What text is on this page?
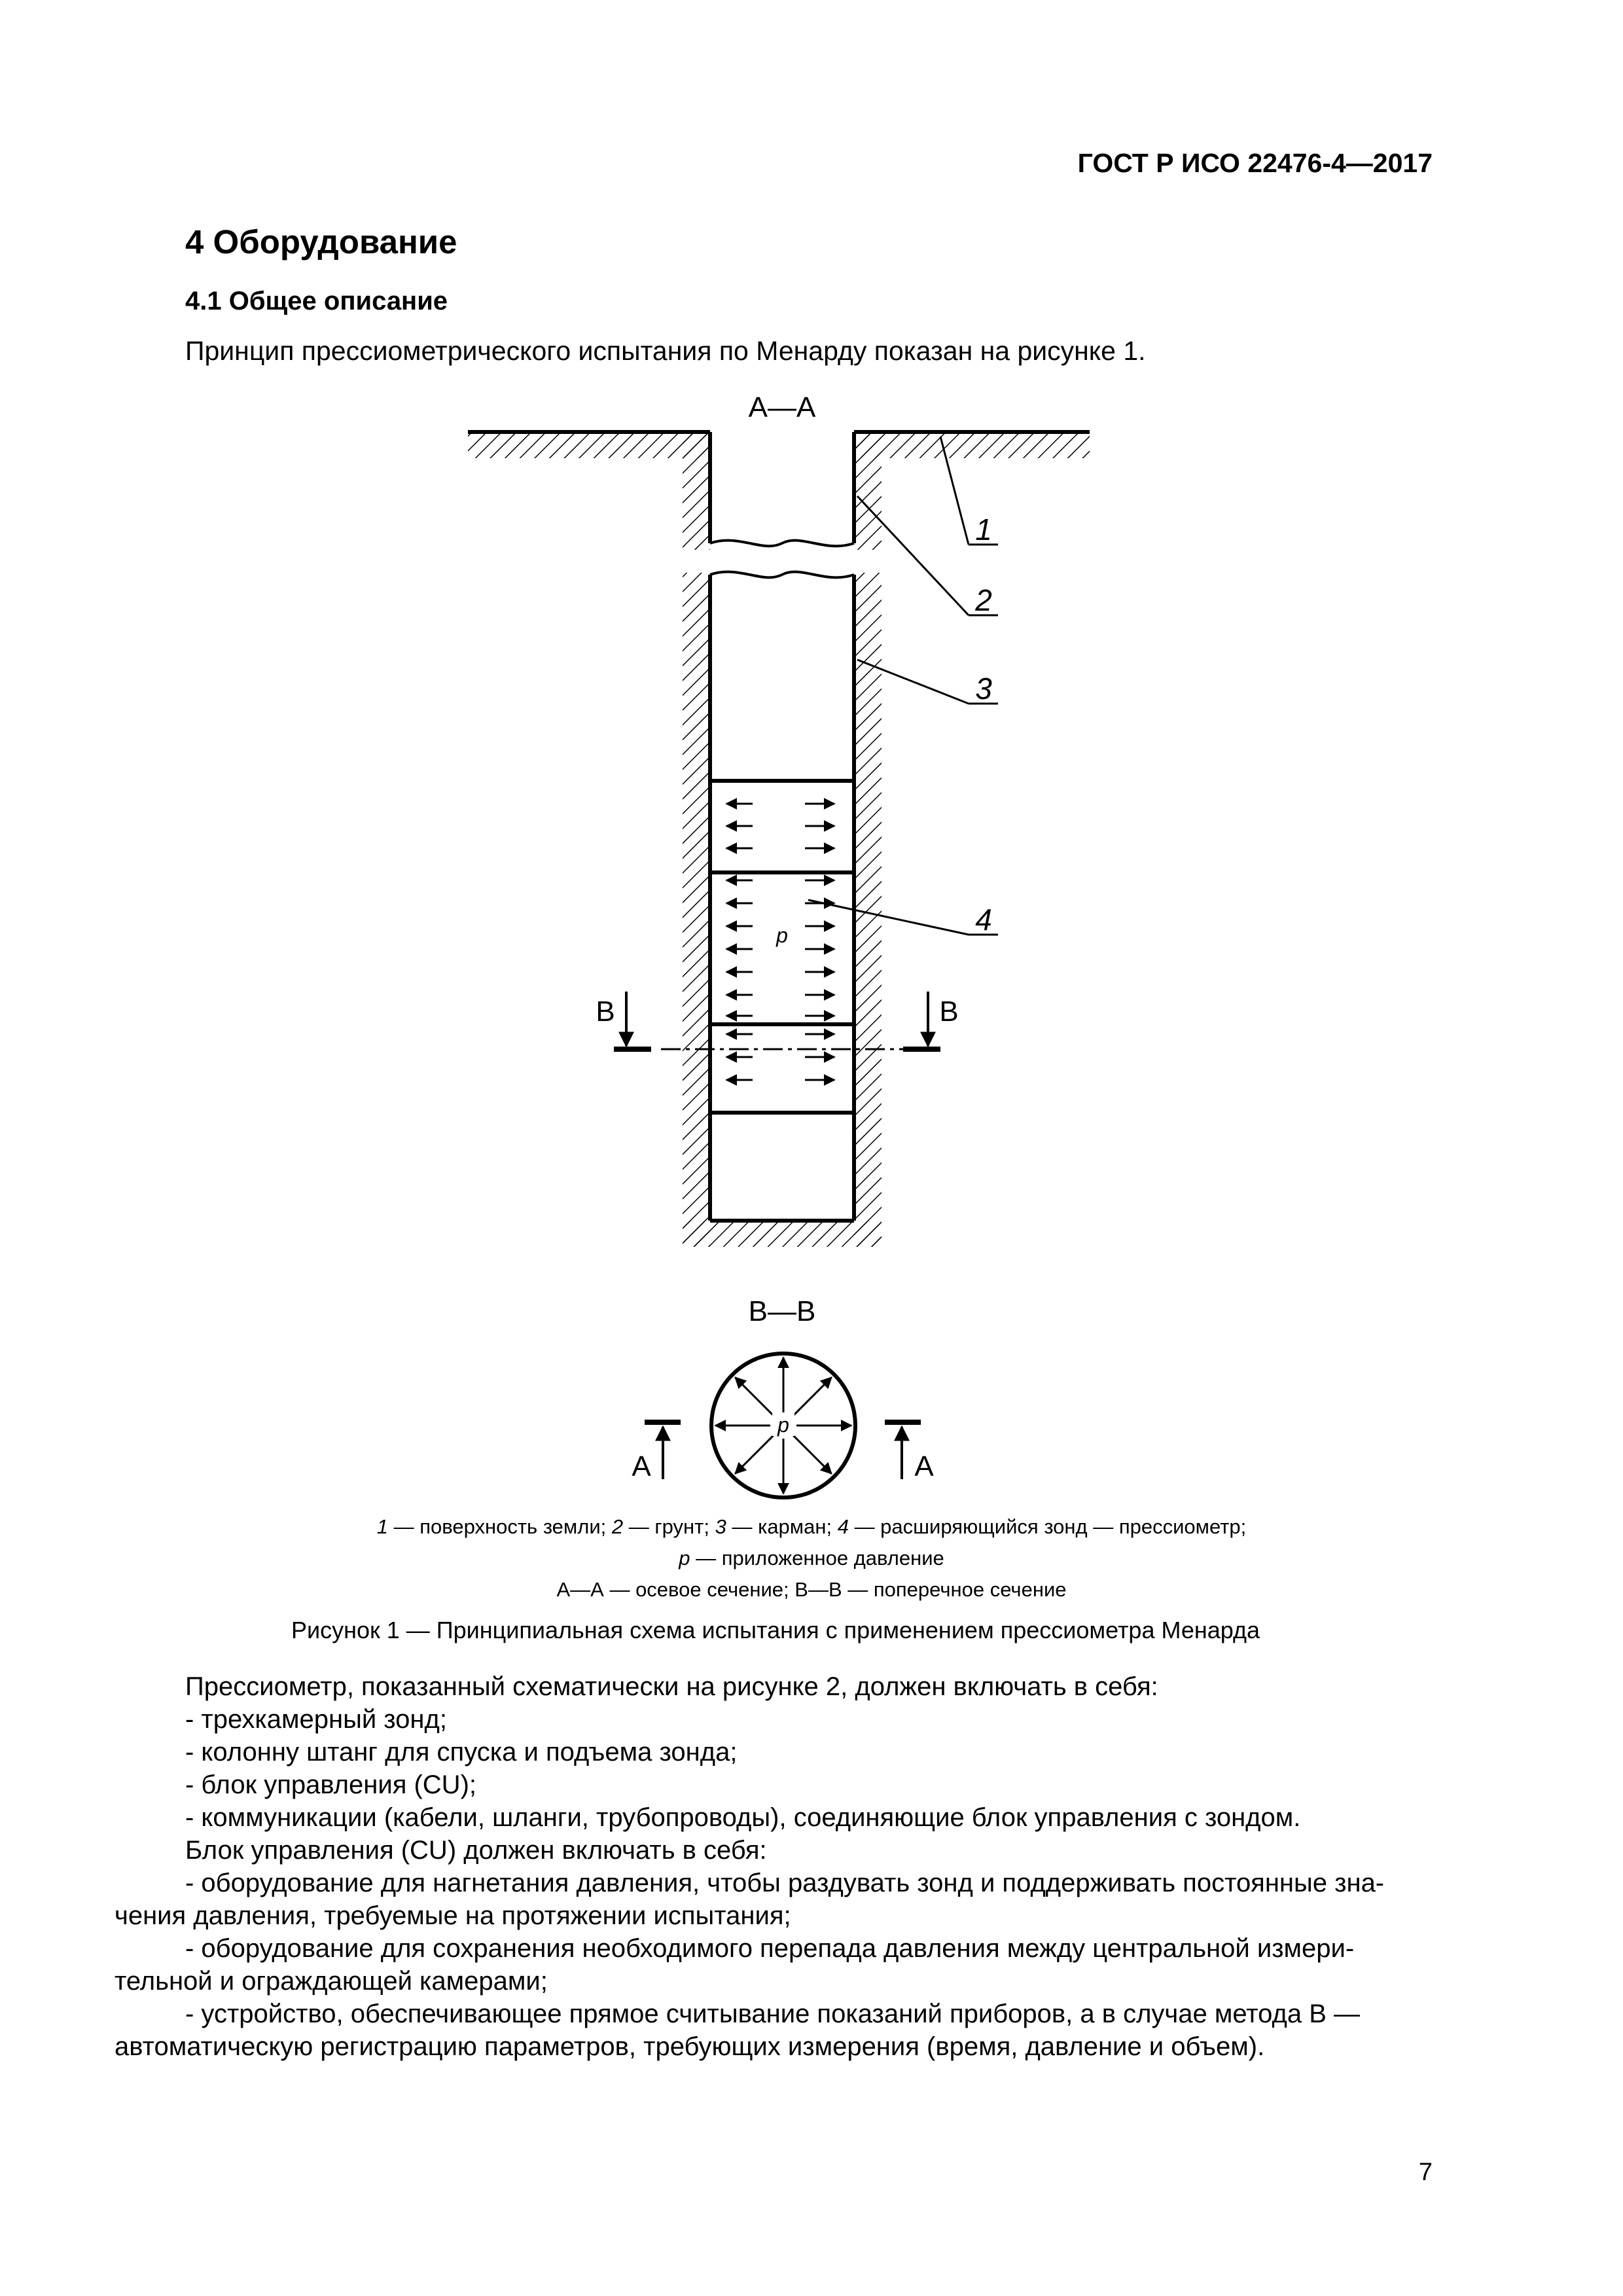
ГОСТ Р ИСО 22476-4—2017
4 Оборудование
4.1 Общее описание
Принцип прессиометрического испытания по Менарду показан на рисунке 1.
А—А
p
В	В
1
2
3
4
В—В
p
А	А
1 — поверхность земли; 2 — грунт; 3 — карман; 4 — расширяющийся зонд — прессиометр;
p — приложенное давление
А—А — осевое сечение; В—В — поперечное сечение
Рисунок 1 — Принципиальная схема испытания с применением прессиометра Менарда
Прессиометр, показанный схематически на рисунке 2, должен включать в себя:
- трехкамерный зонд;
- колонну штанг для спуска и подъема зонда;
- блок управления (CU);
- коммуникации (кабели, шланги, трубопроводы), соединяющие блок управления с зондом.
Блок управления (CU) должен включать в себя:
- оборудование для нагнетания давления, чтобы раздувать зонд и поддерживать постоянные зна-
чения давления, требуемые на протяжении испытания;
- оборудование для сохранения необходимого перепада давления между центральной измери-
тельной и ограждающей камерами;
- устройство, обеспечивающее прямое считывание показаний приборов, а в случае метода В —
автоматическую регистрацию параметров, требующих измерения (время, давление и объем).
7
